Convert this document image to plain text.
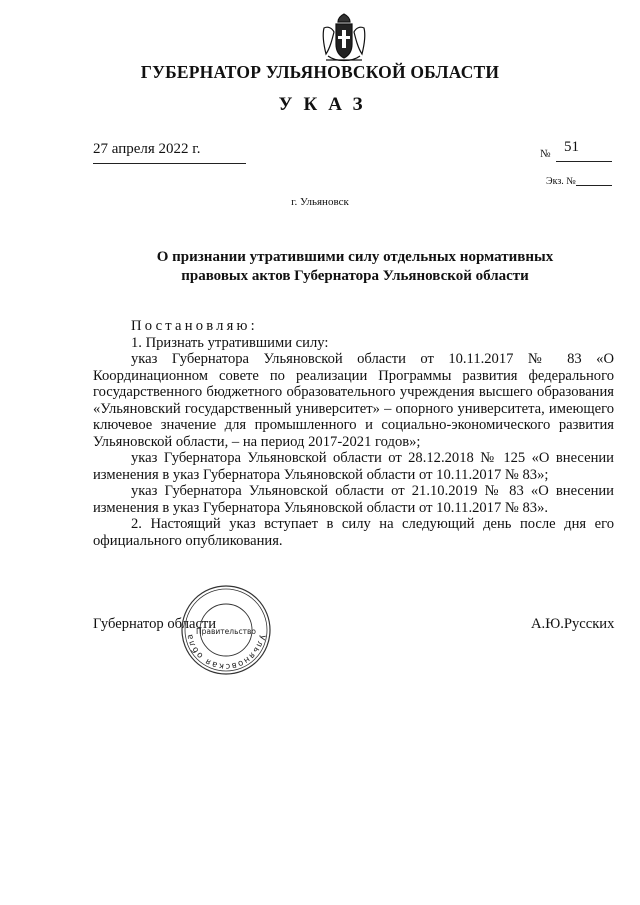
ГУБЕРНАТОР УЛЬЯНОВСКОЙ ОБЛАСТИ
УКАЗ
27 апреля 2022 г.	№ 51
Экз. №
г. Ульяновск
О признании утратившими силу отдельных нормативных
правовых актов Губернатора Ульяновской области

Постановляю:

1. Признать утратившими силу:

указ Губернатора Ульяновской области от 10.11.2017 № 83 «О Координационном совете по реализации Программы развития федерального государственного бюджетного образовательного учреждения высшего образования «Ульяновский государственный университет» – опорного университета, имеющего ключевое значение для промышленного и социально-экономического развития Ульяновской области, – на период 2017-2021 годов»;

указ Губернатора Ульяновской области от 28.12.2018 № 125 «О внесении изменения в указ Губернатора Ульяновской области от 10.11.2017 № 83»;

указ Губернатора Ульяновской области от 21.10.2019 № 83 «О внесении изменения в указ Губернатора Ульяновской области от 10.11.2017 № 83».

2. Настоящий указ вступает в силу на следующий день после дня его официального опубликования.

Ульяновская обла
Правительство
Губернатор области	А.Ю.Русских
